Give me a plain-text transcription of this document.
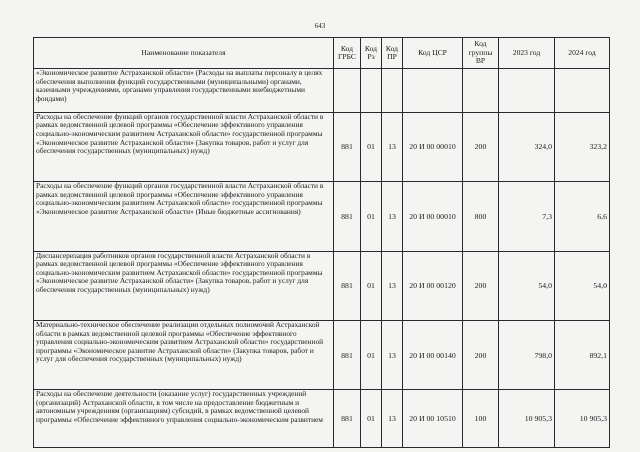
643
Наименование показателя	Код ГРБС	Код Рз	Код ПР	Код ЦСР	Код группы ВР	2023 год	2024 год
«Экономическое развитие Астраханской области» (Расходы на выплаты персоналу в целях обеспечения выполнения функций государственными (муниципальными) органами, казенными учреждениями, органами управления государственными внебюджетными фондами)							
Расходы на обеспечение функций органов государственной власти Астраханской области в рамках ведомственной целевой программы «Обеспечение эффективного управления социально-экономическим развитием Астраханской области» государственной программы «Экономическое развитие Астраханской области» (Закупка товаров, работ и услуг для обеспечения государственных (муниципальных) нужд)	881	01	13	20 И 00 00010	200	324,0	323,2
Расходы на обеспечение функций органов государственной власти Астраханской области в рамках ведомственной целевой программы «Обеспечение эффективного управления социально-экономическим развитием Астраханской области» государственной программы «Экономическое развитие Астраханской области» (Иные бюджетные ассигнования)	881	01	13	20 И 00 00010	800	7,3	6,6
Диспансеризация работников органов государственной власти Астраханской области в рамках ведомственной целевой программы «Обеспечение эффективного управления социально-экономическим развитием Астраханской области» государственной программы «Экономическое развитие Астраханской области» (Закупка товаров, работ и услуг для обеспечения государственных (муниципальных) нужд)	881	01	13	20 И 00 00120	200	54,0	54,0
Материально-техническое обеспечение реализации отдельных полномочий Астраханской области в рамках ведомственной целевой программы «Обеспечение эффективного управления социально-экономическим развитием Астраханской области» государственной программы «Экономическое развитие Астраханской области» (Закупка товаров, работ и услуг для обеспечения государственных (муниципальных) нужд)	881	01	13	20 И 00 00140	200	798,0	892,1
Расходы на обеспечение деятельности (оказание услуг) государственных учреждений (организаций) Астраханской области, в том числе на предоставление бюджетным и автономным учреждениям (организациям) субсидий, в рамках ведомственной целевой программы «Обеспечение эффективного управления социально-экономическим развитием	881	01	13	20 И 00 10510	100	10 905,3	10 905,3
